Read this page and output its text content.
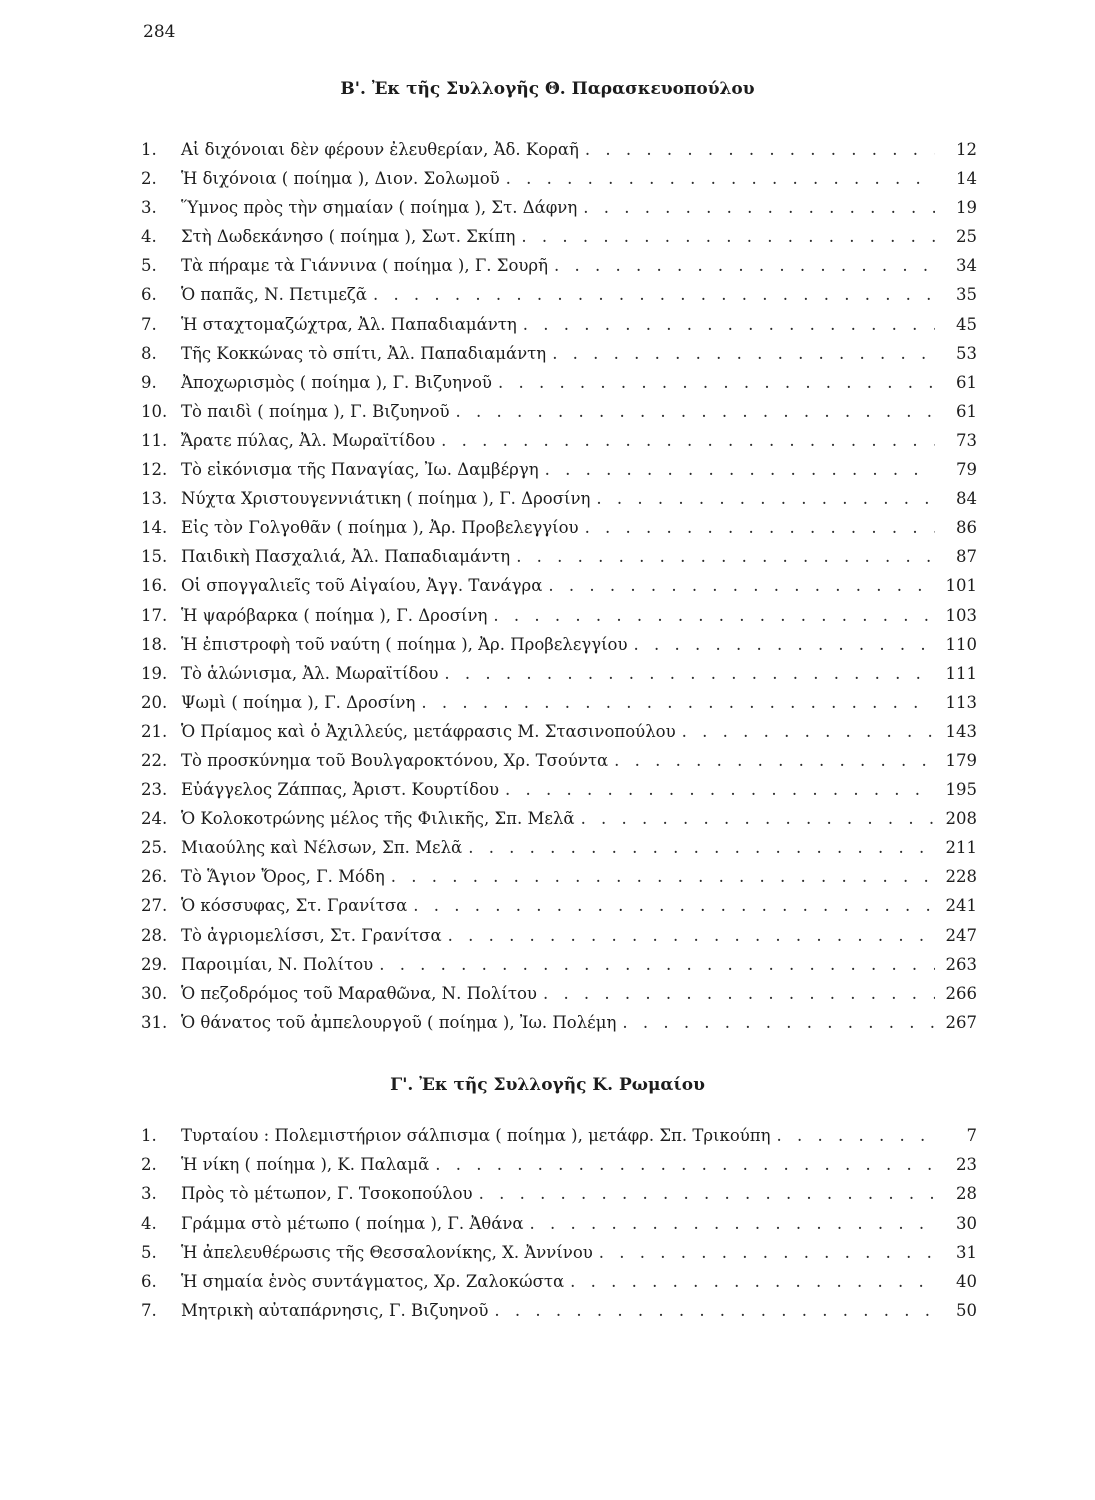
284
Β'. Ἐκ τῆς Συλλογῆς Θ. Παρασκευοπούλου
1.	Αἱ διχόνοιαι δὲν φέρουν ἐλευθερίαν, Ἀδ. Κοραῆ . . .	12
2.	Ἡ διχόνοια ( ποίημα ), Διον. Σολωμοῦ . . .	14
3.	Ὕμνος πρὸς τὴν σημαίαν ( ποίημα ), Στ. Δάφνη . . .	19
4.	Στὴ Δωδεκάνησο ( ποίημα ), Σωτ. Σκίπη . . .	25
5.	Τὰ πήραμε τὰ Γιάννινα ( ποίημα ), Γ. Σουρῆ . . .	34
6.	Ὁ παπᾶς, Ν. Πετιμεζᾶ . . .	35
7.	Ἡ σταχτομαζώχτρα, Ἀλ. Παπαδιαμάντη . . .	45
8.	Τῆς Κοκκώνας τὸ σπίτι, Ἀλ. Παπαδιαμάντη . . .	53
9.	Ἀποχωρισμὸς ( ποίημα ), Γ. Βιζυηνοῦ . . .	61
10. Τὸ παιδὶ ( ποίημα ), Γ. Βιζυηνοῦ . . .	61
11. Ἄρατε πύλας, Ἀλ. Μωραϊτίδου . . .	73
12. Τὸ εἰκόνισμα τῆς Παναγίας, Ἰω. Δαμβέργη . . .	79
13. Νύχτα Χριστουγεννιάτικη ( ποίημα ), Γ. Δροσίνη . . .	84
14. Εἰς τὸν Γολγοθᾶν ( ποίημα ), Ἀρ. Προβελεγγίου . . .	86
15. Παιδικὴ Πασχαλιά, Ἀλ. Παπαδιαμάντη . . .	87
16. Οἱ σπογγαλιεῖς τοῦ Αἰγαίου, Ἀγγ. Τανάγρα . . .	101
17. Ἡ ψαρόβαρκα ( ποίημα ), Γ. Δροσίνη . . .	103
18. Ἡ ἐπιστροφὴ τοῦ ναύτη ( ποίημα ), Ἀρ. Προβελεγγίου . . .	110
19. Τὸ ἁλώνισμα, Ἀλ. Μωραϊτίδου . . .	111
20. Ψωμὶ ( ποίημα ), Γ. Δροσίνη . . .	113
21. Ὁ Πρίαμος καὶ ὁ Ἀχιλλεύς, μετάφρασις Μ. Στασινοπούλου . . .	143
22. Τὸ προσκύνημα τοῦ Βουλγαροκτόνου, Χρ. Τσούντα . . .	179
23. Εὐάγγελος Ζάππας, Ἀριστ. Κουρτίδου . . .	195
24. Ὁ Κολοκοτρώνης μέλος τῆς Φιλικῆς, Σπ. Μελᾶ . . .	208
25. Μιαούλης καὶ Νέλσων, Σπ. Μελᾶ . . .	211
26. Τὸ Ἅγιον Ὄρος, Γ. Μόδη . . .	228
27. Ὁ κόσσυφας, Στ. Γρανίτσα . . .	241
28. Τὸ ἀγριομελίσσι, Στ. Γρανίτσα . . .	247
29. Παροιμίαι, Ν. Πολίτου . . .	263
30. Ὁ πεζοδρόμος τοῦ Μαραθῶνα, Ν. Πολίτου . . .	266
31. Ὁ θάνατος τοῦ ἀμπελουργοῦ ( ποίημα ), Ἰω. Πολέμη . . .	267
Γ'. Ἐκ τῆς Συλλογῆς Κ. Ρωμαίου
1.	Τυρταίου : Πολεμιστήριον σάλπισμα ( ποίημα ), μετάφρ. Σπ. Τρικούπη . . .	7
2.	Ἡ νίκη ( ποίημα ), Κ. Παλαμᾶ . . .	23
3.	Πρὸς τὸ μέτωπον, Γ. Τσοκοπούλου . . .	28
4.	Γράμμα στὸ μέτωπο ( ποίημα ), Γ. Ἀθάνα . . .	30
5.	Ἡ ἀπελευθέρωσις τῆς Θεσσαλονίκης, Χ. Ἀννίνου . . .	31
6.	Ἡ σημαία ἑνὸς συντάγματος, Χρ. Ζαλοκώστα . . .	40
7.	Μητρικὴ αὐταπάρνησις, Γ. Βιζυηνοῦ . . .	50
